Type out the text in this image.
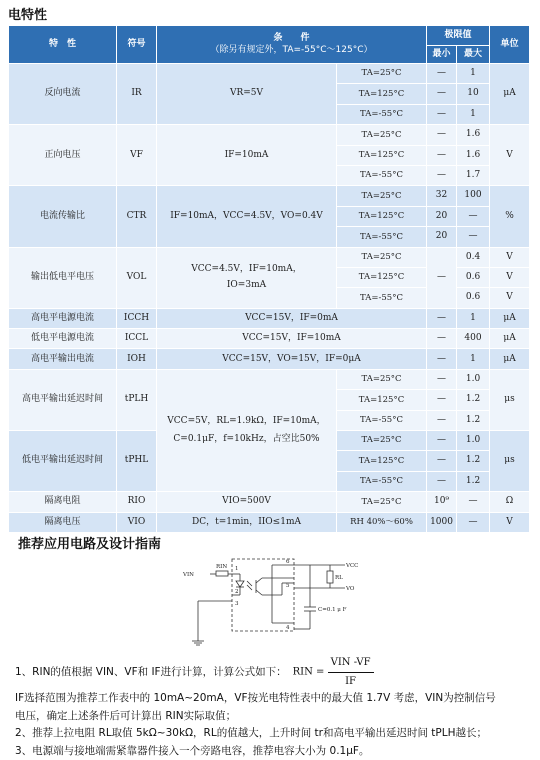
电特性
特　性	符号	条　　件
（除另有规定外，TA=-55°C～125°C）		极限值		单位
				最小	最大	
反向电流	IR	VR=5V	TA=25°C	—	1	μA
			TA=125°C	—	10	
			TA=-55°C	—	1	
正向电压	VF	IF=10mA	TA=25°C	—	1.6	V
			TA=125°C	—	1.6	
			TA=-55°C	—	1.7	
电流传输比	CTR	IF=10mA，VCC=4.5V，VO=0.4V	TA=25°C	32	100	%
			TA=125°C	20	—	
			TA=-55°C	20	—	
输出低电平电压	VOL	VCC=4.5V，IF=10mA，
IO=3mA	TA=25°C	—	0.4	V
			TA=125°C		0.6	V
			TA=-55°C		0.6	V
高电平电源电流	ICCH	VCC=15V，IF=0mA		—	1	μA
低电平电源电流	ICCL	VCC=15V，IF=10mA		—	400	μA
高电平输出电流	IOH	VCC=15V，VO=15V，IF=0μA		—	1	μA
高电平输出延迟时间	tPLH	VCC=5V，RL=1.9kΩ，IF=10mA，
C=0.1μF，f=10kHz，占空比50%	TA=25°C	—	1.0	μs
			TA=125°C	—	1.2	
			TA=-55°C	—	1.2	
低电平输出延迟时间	tPHL		TA=25°C	—	1.0	μs
			TA=125°C	—	1.2	
			TA=-55°C	—	1.2	
隔离电阻	RIO	VIO=500V	TA=25°C	10⁹	—	Ω
隔离电压	VIO	DC，t=1min，IIO≤1mA	RH 40%～60%	1000	—	V
推荐应用电路及设计指南
VIN
RIN 1
2
3
4
5
6
VCC
RL
VO
C=0.1 μ F

1、RIN的值根据 VIN、VF和 IF进行计算，计算公式如下： RIN = $\frac{\text{VIN -VF}}{IF}$

IF选择范围为推荐工作表中的 10mA~20mA，VF按光电特性表中的最大值 1.7V 考虑，VIN为控制信号

电压，确定上述条件后可计算出 RIN实际取值；

2、推荐上拉电阻 RL取值 5kΩ~30kΩ，RL的值越大，上升时间 tr和高电平输出延迟时间 tPLH越长；

3、电源端与接地端需紧靠器件接入一个旁路电容，推荐电容大小为 0.1μF。
